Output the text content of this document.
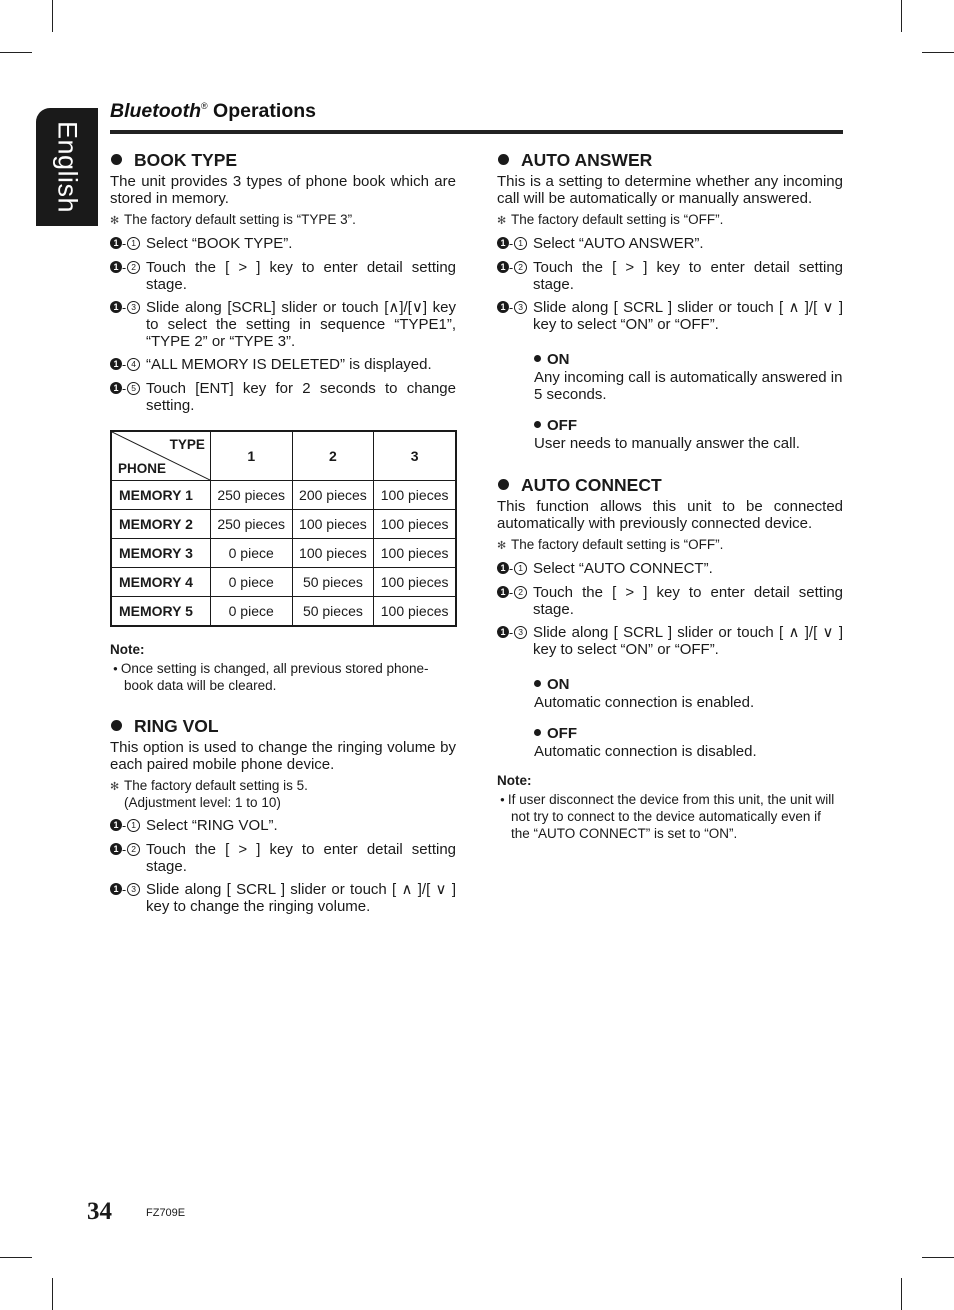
English
Bluetooth® Operations
BOOK TYPE

The unit provides 3 types of phone book which are stored in memory.

✻ The factory default setting is “TYPE 3”.

1 - 1 Select “BOOK TYPE”.
1 - 2 Touch the [ > ] key to enter detail setting stage.
1 - 3 Slide along [SCRL] slider or touch [∧]/[∨] key to select the setting in sequence “TYPE1”, “TYPE 2” or “TYPE 3”.
1 - 4 “ALL MEMORY IS DELETED” is displayed.
1 - 5 Touch [ENT] key for 2 seconds to change setting.
TYPE
PHONE	1	2	3
MEMORY 1	250 pieces	200 pieces	100 pieces
MEMORY 2	250 pieces	100 pieces	100 pieces
MEMORY 3	0 piece	100 pieces	100 pieces
MEMORY 4	0 piece	50 pieces	100 pieces
MEMORY 5	0 piece	50 pieces	100 pieces
Note:

● Once setting is changed, all previous stored phone-book data will be cleared.

RING VOL

This option is used to change the ringing volume by each paired mobile phone device.

✻ The factory default setting is 5.
(Adjustment level: 1 to 10)

1 - 1 Select “RING VOL”.
1 - 2 Touch the [ > ] key to enter detail setting stage.
1 - 3 Slide along [ SCRL ] slider or touch [ ∧ ]/[ ∨ ] key to change the ringing volume.
AUTO ANSWER

This is a setting to determine whether any incoming call will be automatically or manually answered.

✻ The factory default setting is “OFF”.

1 - 1 Select “AUTO ANSWER”.
1 - 2 Touch the [ > ] key to enter detail setting stage.
1 - 3 Slide along [ SCRL ] slider or touch [ ∧ ]/[ ∨ ] key to select “ON” or “OFF”.
ON

Any incoming call is automatically answered in 5 seconds.

OFF

User needs to manually answer the call.

AUTO CONNECT

This function allows this unit to be connected automatically with previously connected device.

✻ The factory default setting is “OFF”.

1 - 1 Select “AUTO CONNECT”.
1 - 2 Touch the [ > ] key to enter detail setting stage.
1 - 3 Slide along [ SCRL ] slider or touch [ ∧ ]/[ ∨ ] key to select “ON” or “OFF”.
ON

Automatic connection is enabled.

OFF

Automatic connection is disabled.

Note:

● If user disconnect the device from this unit, the unit will not try to connect to the device automatically even if the “AUTO CONNECT” is set to “ON”.

34	FZ709E
